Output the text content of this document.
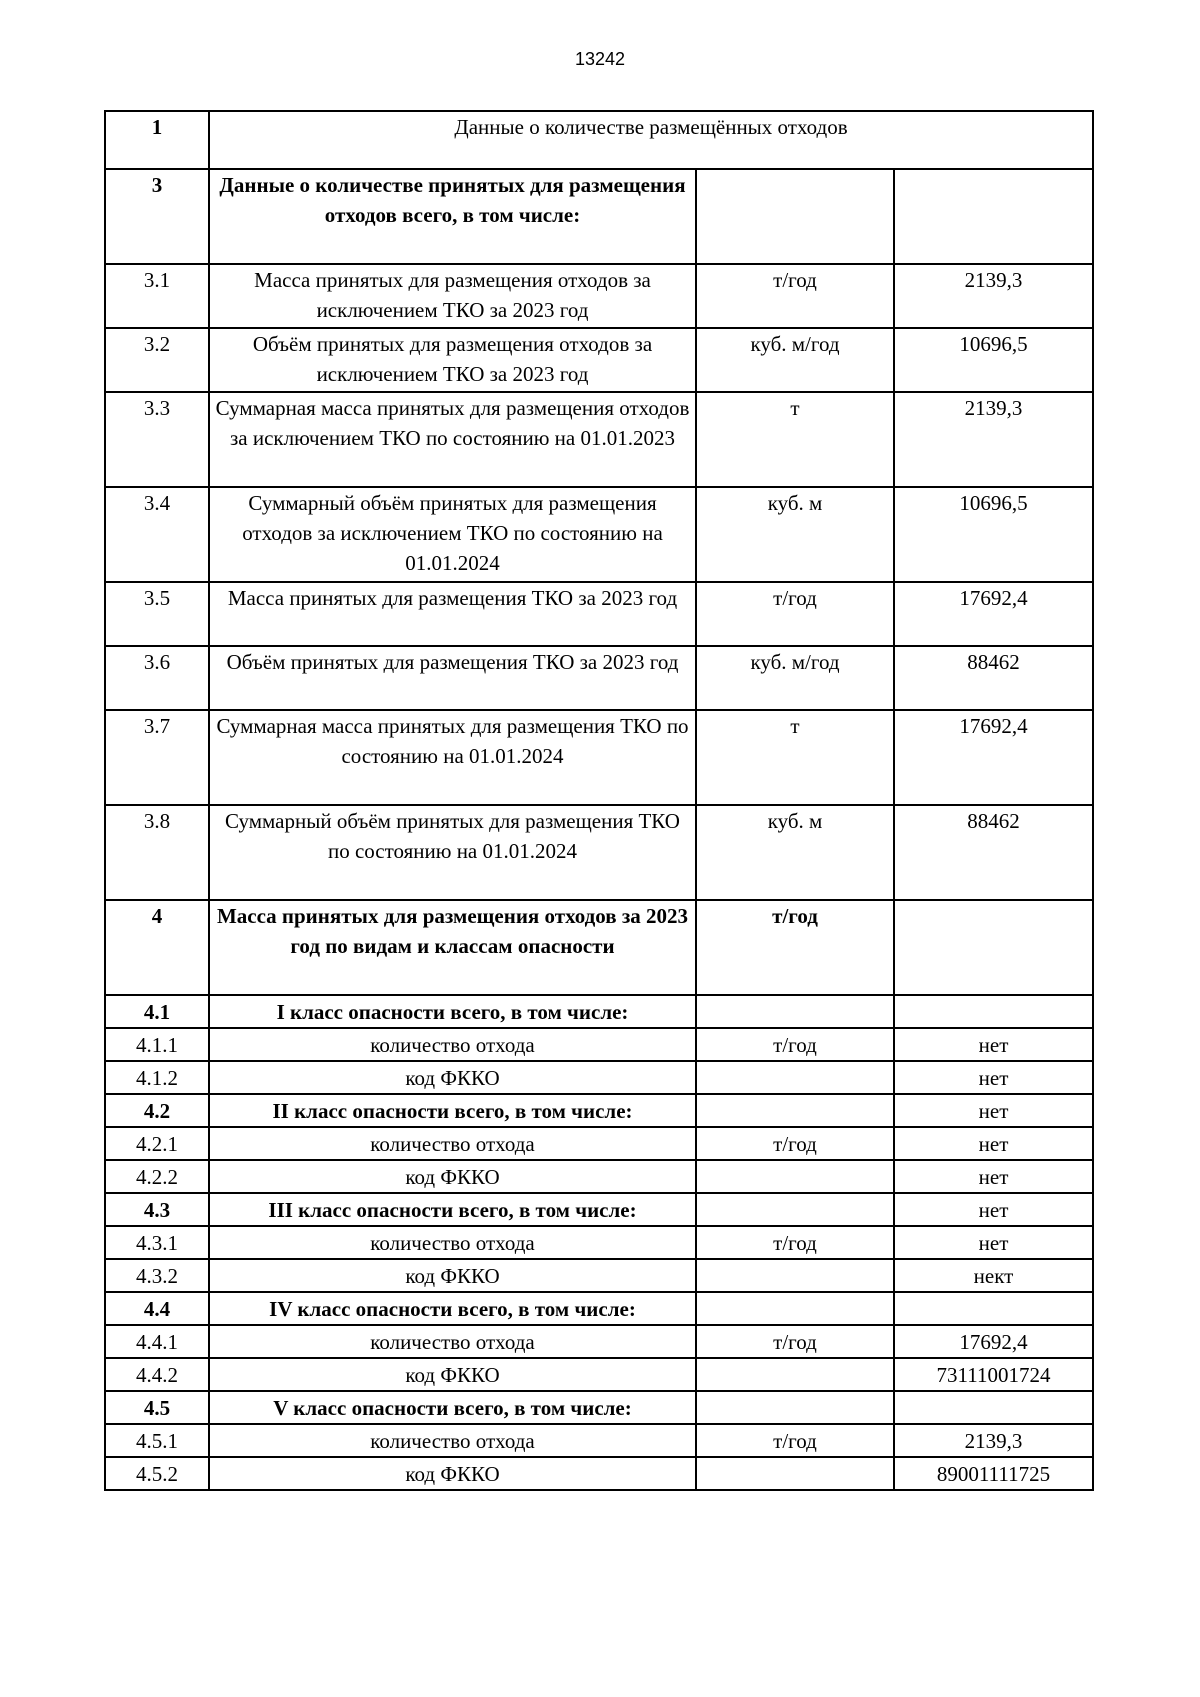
13242
1	Данные о количестве размещённых отходов		
3	Данные о количестве принятых для размещения отходов всего, в том числе:		
3.1	Масса принятых для размещения отходов за исключением ТКО за 2023 год	т/год	2139,3
3.2	Объём принятых для размещения отходов за исключением ТКО за 2023 год	куб. м/год	10696,5
3.3	Суммарная масса принятых для размещения отходов за исключением ТКО по состоянию на 01.01.2023	т	2139,3
3.4	Суммарный объём принятых для размещения отходов за исключением ТКО по состоянию на 01.01.2024	куб. м	10696,5
3.5	Масса принятых для размещения ТКО за 2023 год	т/год	17692,4
3.6	Объём принятых для размещения ТКО за 2023 год	куб. м/год	88462
3.7	Суммарная масса принятых для размещения ТКО по состоянию на 01.01.2024	т	17692,4
3.8	Суммарный объём принятых для размещения ТКО по состоянию на 01.01.2024	куб. м	88462
4	Масса принятых для размещения отходов за 2023 год по видам и классам опасности	т/год	
4.1	I класс опасности всего, в том числе:		
4.1.1	количество отхода	т/год	нет
4.1.2	код ФККО		нет
4.2	II класс опасности всего, в том числе:		нет
4.2.1	количество отхода	т/год	нет
4.2.2	код ФККО		нет
4.3	III класс опасности всего, в том числе:		нет
4.3.1	количество отхода	т/год	нет
4.3.2	код ФККО		нект
4.4	IV класс опасности всего, в том числе:		
4.4.1	количество отхода	т/год	17692,4
4.4.2	код ФККО		73111001724
4.5	V класс опасности всего, в том числе:		
4.5.1	количество отхода	т/год	2139,3
4.5.2	код ФККО		89001111725
